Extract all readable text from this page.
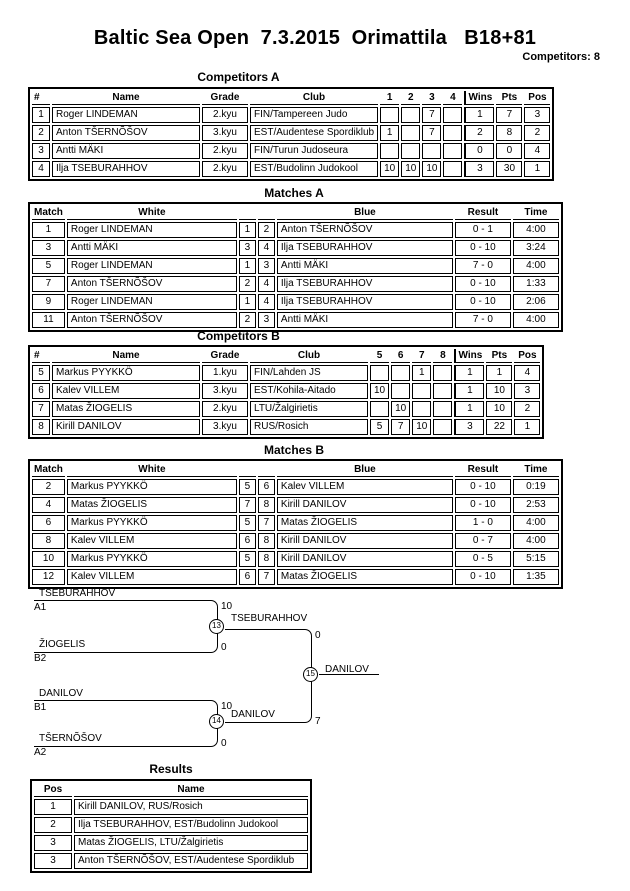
Baltic Sea Open  7.3.2015  Orimattila   B18+81
Competitors: 8
Competitors A
#	Name	Grade	Club	1	2	3	4	Wins	Pts	Pos
1	Roger LINDEMAN	2.kyu	FIN/Tampereen Judo			7		1	7	3
2	Anton TŠERNÕŠOV	3.kyu	EST/Audentese Spordiklub	1		7		2	8	2
3	Antti MÄKI	2.kyu	FIN/Turun Judoseura					0	0	4
4	Ilja TSEBURAHHOV	2.kyu	EST/Budolinn Judokool	10	10	10		3	30	1
Matches A
Match	White			Blue	Result	Time
1	Roger LINDEMAN	1	2	Anton TŠERNÕŠOV	0 - 1	4:00
3	Antti MÄKI	3	4	Ilja TSEBURAHHOV	0 - 10	3:24
5	Roger LINDEMAN	1	3	Antti MÄKI	7 - 0	4:00
7	Anton TŠERNÕŠOV	2	4	Ilja TSEBURAHHOV	0 - 10	1:33
9	Roger LINDEMAN	1	4	Ilja TSEBURAHHOV	0 - 10	2:06
11	Anton TŠERNÕŠOV	2	3	Antti MÄKI	7 - 0	4:00
Competitors B
#	Name	Grade	Club	5	6	7	8	Wins	Pts	Pos
5	Markus PYYKKÖ	1.kyu	FIN/Lahden JS			1		1	1	4
6	Kalev VILLEM	3.kyu	EST/Kohila-Aitado	10				1	10	3
7	Matas ŽIOGELIS	2.kyu	LTU/Žalgirietis		10			1	10	2
8	Kirill DANILOV	3.kyu	RUS/Rosich	5	7	10		3	22	1
Matches B
Match	White			Blue	Result	Time
2	Markus PYYKKÖ	5	6	Kalev VILLEM	0 - 10	0:19
4	Matas ŽIOGELIS	7	8	Kirill DANILOV	0 - 10	2:53
6	Markus PYYKKÖ	5	7	Matas ŽIOGELIS	1 - 0	4:00
8	Kalev VILLEM	6	8	Kirill DANILOV	0 - 7	4:00
10	Markus PYYKKÖ	5	8	Kirill DANILOV	0 - 5	5:15
12	Kalev VILLEM	6	7	Matas ŽIOGELIS	0 - 10	1:35
TSEBURAHHOV
A1
ŽIOGELIS
B2
10
0
13
TSEBURAHHOV
DANILOV
B1
TŠERNÕŠOV
A2
10
0
14
DANILOV
0
7
15	DANILOV
Results
Pos	Name
1	Kirill DANILOV, RUS/Rosich
2	Ilja TSEBURAHHOV, EST/Budolinn Judokool
3	Matas ŽIOGELIS, LTU/Žalgirietis
3	Anton TŠERNÕŠOV, EST/Audentese Spordiklub
